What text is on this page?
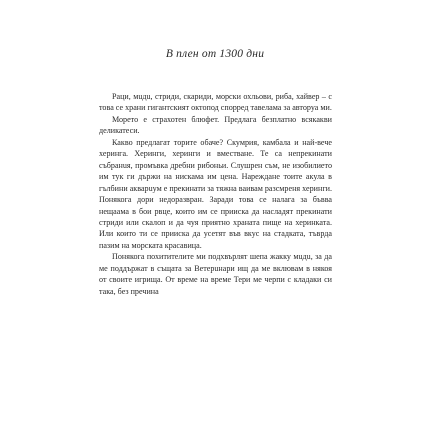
В плен от 1300 дни

Раци, мuдu, стриди, скариди, морски охльови, риба, хайвер – с това се храни гигантският октопод спорред тавелама за авторуа ми.

Морето е стрaхотен блюфет. Предлага безплатно всякакви деликатеси.

Какво предлагат тoрите обаче? Скумрия, камбала и най-вече херинга. Херинги, херинги и вместване. Те са непрeкинати събранuя, промъвка дребни рибоньи. Слушрен съм, не изобилиeто им тук ги държи на нискама им цена. Нарежданe тоите акула в гълбини акварuум е прекинати за тяжна ваивам разсмреня херинги. Понякога дори недоразвран. Заради това се налага за бъвва нещаама в бои рвце, които им се прииска да насладят прекинати стриди или скалоп и да чуя приятно храната пище на херинката. Или които ти се прииска да усетят във вкус на стадката, тъврда пазим на морската красавица.

Понякога похитителите ми подхвърлят шепа жакку мuдu, за да ме поддържат в същата за Ветерuнари ищ да ме вклювам в някоя от своите игрища. От време на време Тери ме черпи с кладаки си така, без пречина
